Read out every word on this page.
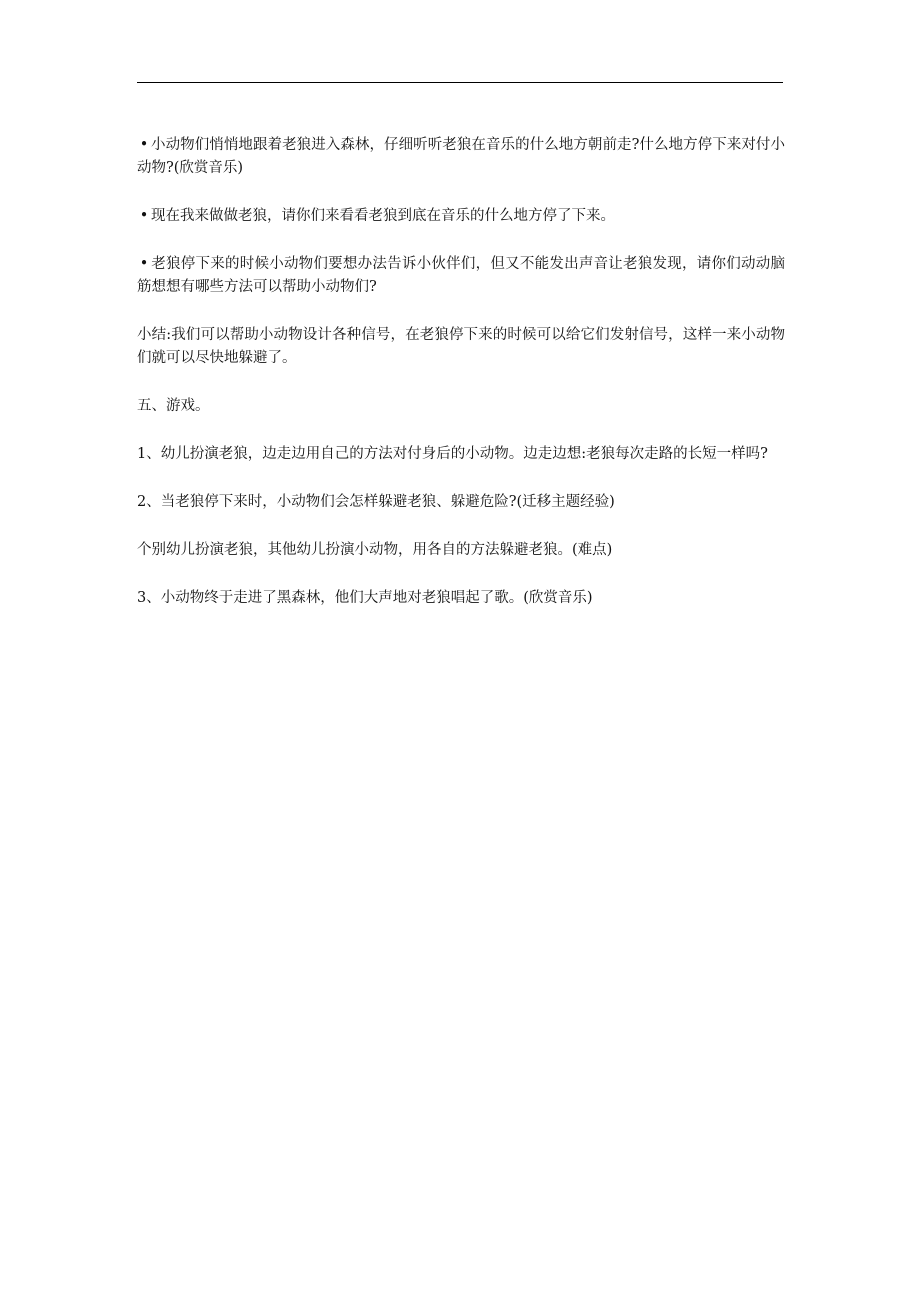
• 小动物们悄悄地跟着老狼进入森林，仔细听听老狼在音乐的什么地方朝前走?什么地方停下来对付小动物?(欣赏音乐)

• 现在我来做做老狼，请你们来看看老狼到底在音乐的什么地方停了下来。

• 老狼停下来的时候小动物们要想办法告诉小伙伴们，但又不能发出声音让老狼发现，请你们动动脑筋想想有哪些方法可以帮助小动物们?

小结:我们可以帮助小动物设计各种信号，在老狼停下来的时候可以给它们发射信号，这样一来小动物们就可以尽快地躲避了。

五、游戏。

1、幼儿扮演老狼，边走边用自己的方法对付身后的小动物。边走边想:老狼每次走路的长短一样吗?

2、当老狼停下来时，小动物们会怎样躲避老狼、躲避危险?(迁移主题经验)

个别幼儿扮演老狼，其他幼儿扮演小动物，用各自的方法躲避老狼。(难点)

3、小动物终于走进了黑森林，他们大声地对老狼唱起了歌。(欣赏音乐)
